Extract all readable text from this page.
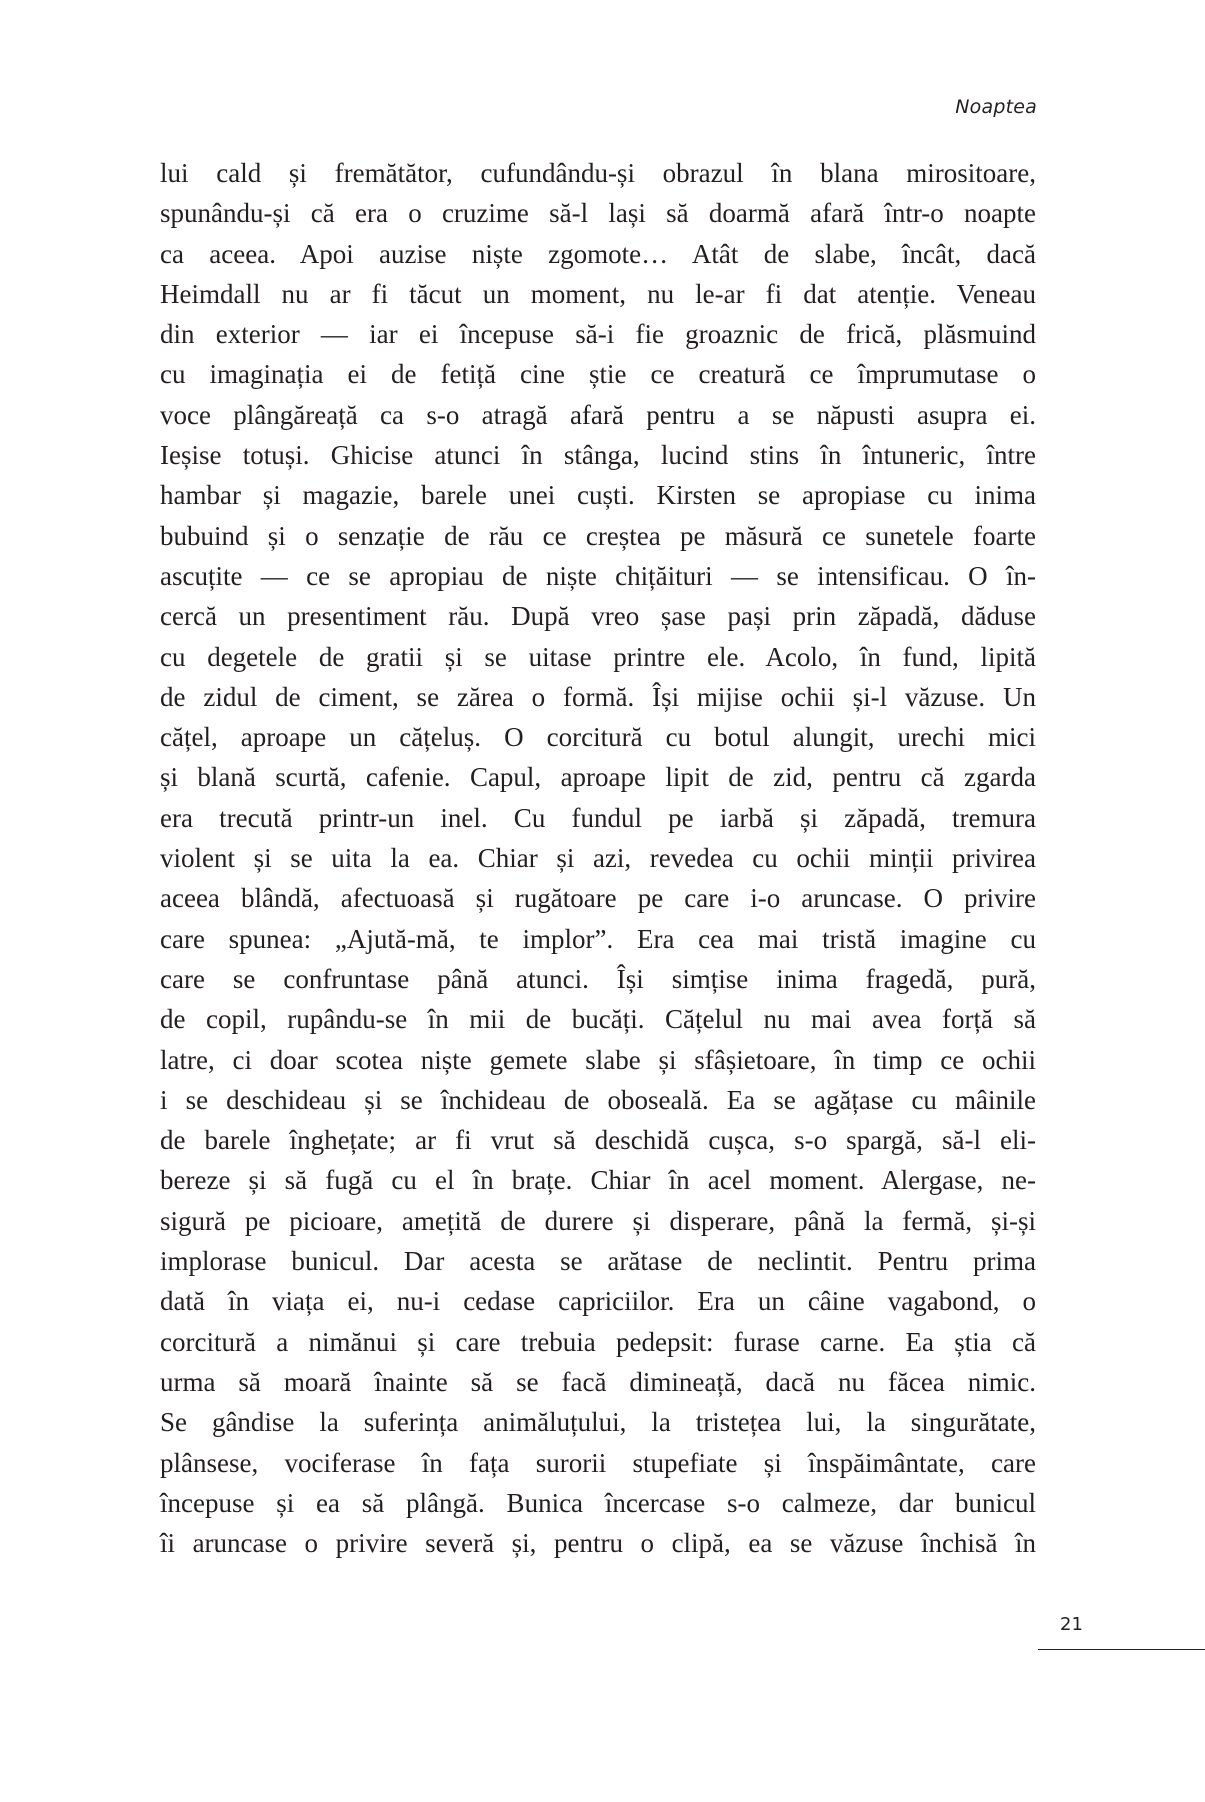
Noaptea
lui cald și fremătător, cufundându-și obrazul în blana mirositoare,
spunându-și că era o cruzime să-l lași să doarmă afară într-o noapte
ca aceea. Apoi auzise niște zgomote… Atât de slabe, încât, dacă
Heimdall nu ar fi tăcut un moment, nu le-ar fi dat atenție. Veneau
din exterior — iar ei începuse să-i fie groaznic de frică, plăsmuind
cu imaginația ei de fetiță cine știe ce creatură ce împrumutase o
voce plângăreață ca s-o atragă afară pentru a se năpusti asupra ei.
Ieșise totuși. Ghicise atunci în stânga, lucind stins în întuneric, între
hambar și magazie, barele unei cuști. Kirsten se apropiase cu inima
bubuind și o senzație de rău ce creștea pe măsură ce sunetele foarte
ascuțite — ce se apropiau de niște chițăituri — se intensificau. O în-
cercă un presentiment rău. După vreo șase pași prin zăpadă, dăduse
cu degetele de gratii și se uitase printre ele. Acolo, în fund, lipită
de zidul de ciment, se zărea o formă. Își mijise ochii și-l văzuse. Un
cățel, aproape un cățeluș. O corcitură cu botul alungit, urechi mici
și blană scurtă, cafenie. Capul, aproape lipit de zid, pentru că zgarda
era trecută printr-un inel. Cu fundul pe iarbă și zăpadă, tremura
violent și se uita la ea. Chiar și azi, revedea cu ochii minții privirea
aceea blândă, afectuoasă și rugătoare pe care i-o aruncase. O privire
care spunea: „Ajută-mă, te implor”. Era cea mai tristă imagine cu
care se confruntase până atunci. Își simțise inima fragedă, pură,
de copil, rupându-se în mii de bucăți. Cățelul nu mai avea forță să
latre, ci doar scotea niște gemete slabe și sfâșietoare, în timp ce ochii
i se deschideau și se închideau de oboseală. Ea se agățase cu mâinile
de barele înghețate; ar fi vrut să deschidă cușca, s-o spargă, să-l eli-
bereze și să fugă cu el în brațe. Chiar în acel moment. Alergase, ne-
sigură pe picioare, amețită de durere și disperare, până la fermă, și-și
implorase bunicul. Dar acesta se arătase de neclintit. Pentru prima
dată în viața ei, nu-i cedase capriciilor. Era un câine vagabond, o
corcitură a nimănui și care trebuia pedepsit: furase carne. Ea știa că
urma să moară înainte să se facă dimineață, dacă nu făcea nimic.
Se gândise la suferința animăluțului, la tristețea lui, la singurătate,
plânsese, vociferase în fața surorii stupefiate și înspăimântate, care
începuse și ea să plângă. Bunica încercase s-o calmeze, dar bunicul
îi aruncase o privire severă și, pentru o clipă, ea se văzuse închisă în
21
